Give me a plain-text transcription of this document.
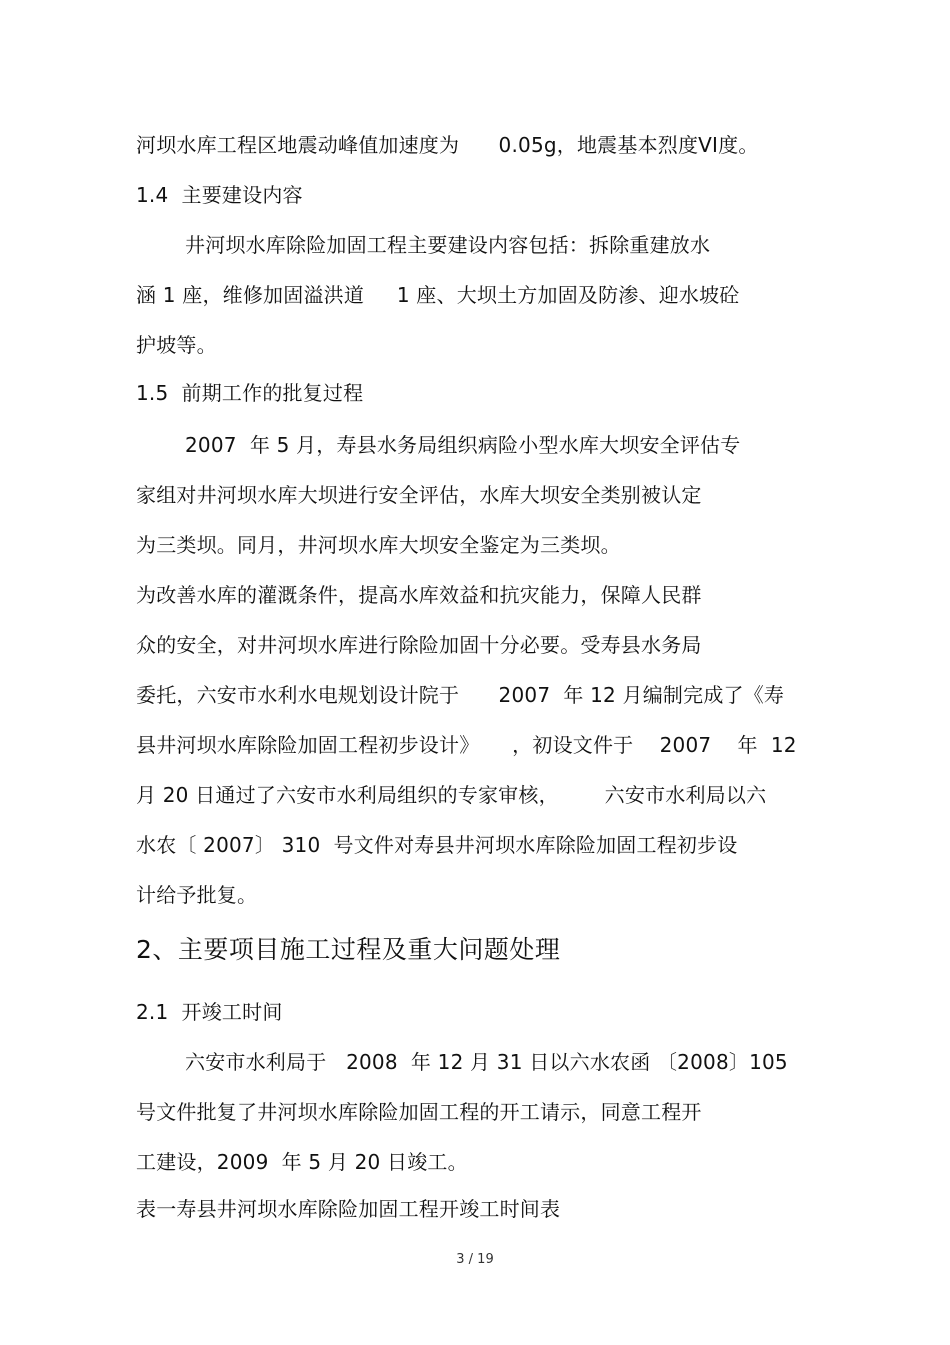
河坝水库工程区地震动峰值加速度为      0.05g，地震基本烈度VI度。
1.4  主要建设内容
井河坝水库除险加固工程主要建设内容包括：拆除重建放水
涵 1 座，维修加固溢洪道     1 座、大坝土方加固及防渗、迎水坡砼
护坡等。
1.5  前期工作的批复过程
2007  年 5 月，寿县水务局组织病险小型水库大坝安全评估专
家组对井河坝水库大坝进行安全评估，水库大坝安全类别被认定
为三类坝。同月，井河坝水库大坝安全鉴定为三类坝。
为改善水库的灌溉条件，提高水库效益和抗灾能力，保障人民群
众的安全，对井河坝水库进行除险加固十分必要。受寿县水务局
委托，六安市水利水电规划设计院于      2007  年 12 月编制完成了《寿
县井河坝水库除险加固工程初步设计》     ，初设文件于    2007    年  12
月 20 日通过了六安市水利局组织的专家审核，       六安市水利局以六
水农〔 2007〕 310  号文件对寿县井河坝水库除险加固工程初步设
计给予批复。
2、主要项目施工过程及重大问题处理
2.1  开竣工时间
六安市水利局于   2008  年 12 月 31 日以六水农函 〔2008〕105
号文件批复了井河坝水库除险加固工程的开工请示，同意工程开
工建设，2009  年 5 月 20 日竣工。
表一寿县井河坝水库除险加固工程开竣工时间表
3 / 19
